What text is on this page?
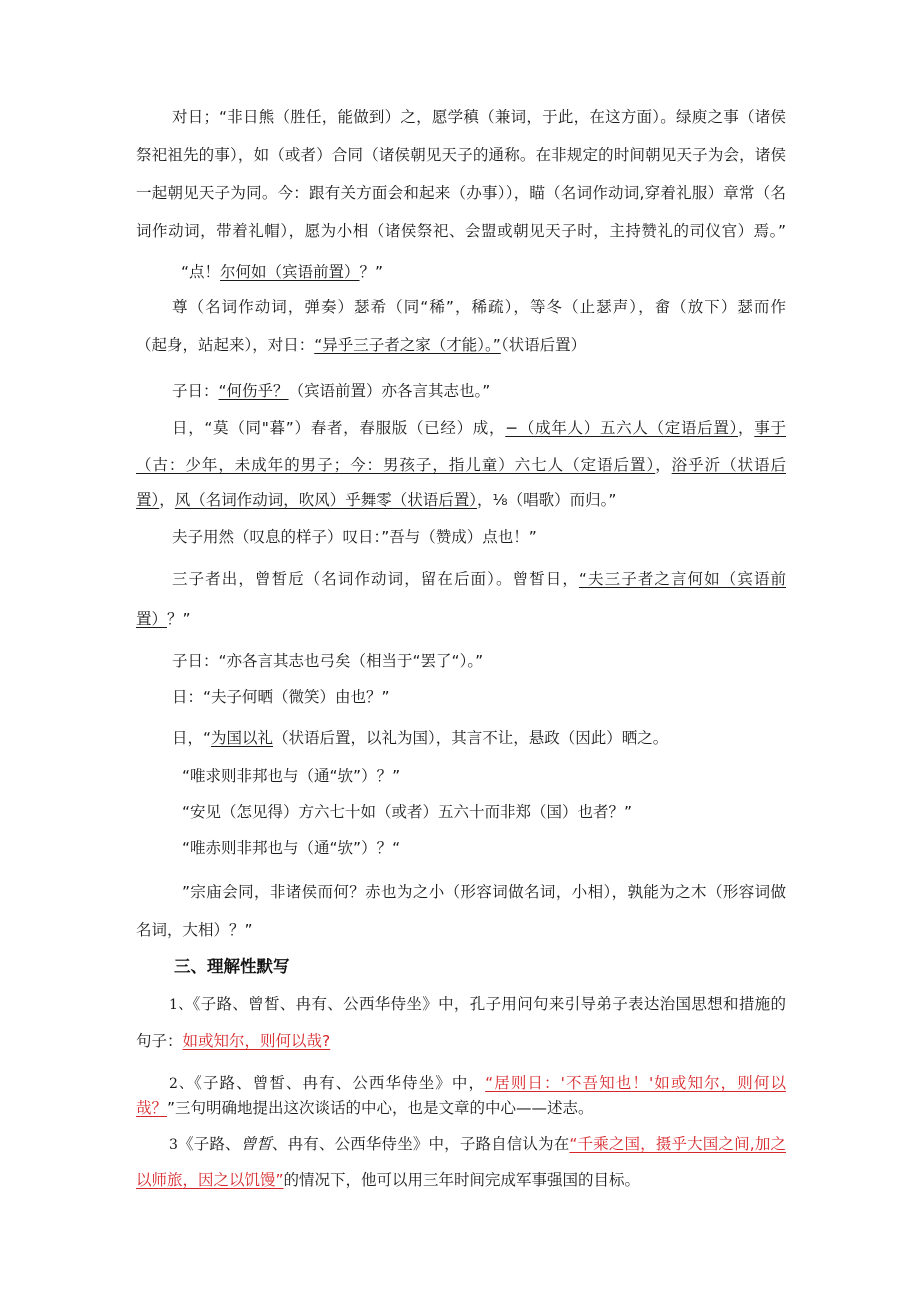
对日；“非日熊（胜任，能做到）之，愿学稹（兼词，于此，在这方面）。绿庾之事（诸侯
祭祀祖先的事），如（或者）合同（诸侯朝见天子的通称。在非规定的时间朝见天子为会，诸侯
一起朝见天子为同。今：跟有关方面会和起来（办事）），瞄（名词作动词,穿着礼服）章常（名
词作动词，带着礼帽），愿为小相（诸侯祭祀、会盟或朝见天子时，主持赞礼的司仪官）焉。”
“点！尔何如（宾语前置）？”
尊（名词作动词，弹奏）瑟希（同“稀”，稀疏），等冬（止瑟声），畲（放下）瑟而作
（起身，站起来），对日：“异乎三子者之家（才能）。”（状语后置）
子日：“何伤乎？（宾语前置）亦各言其志也。”
日，“莫（同"暮”）春者，春服版（已经）成，−（成年人）五六人（定语后置），事于
（古：少年，未成年的男子；今：男孩子，指儿童）六七人（定语后置），浴乎沂（状语后
置），风（名词作动词，吹风）乎舞零（状语后置），⅛（唱歌）而归。”
夫子用然（叹息的样子）叹日：”吾与（赞成）点也！”
三子者出，曾皙卮（名词作动词，留在后面）。曾皙日，“夫三子者之言何如（宾语前
置）？”
子日：“亦各言其志也弓矣（相当于“罢了“）。”
日：“夫子何晒（微笑）由也？”
日，“为国以礼（状语后置，以礼为国），其言不让，悬政（因此）晒之。
“唯求则非邦也与（通“欤”）？”
“安见（怎见得）方六七十如（或者）五六十而非郑（国）也者？”
“唯赤则非邦也与（通“欤”）？“
”宗庙会同，非诸侯而何？赤也为之小（形容词做名词，小相），孰能为之木（形容词做
名词，大相）？”
三、理解性默写
1、《子路、曾皙、冉有、公西华侍坐》中，孔子用问句来引导弟子表达治国思想和措施的
句子：如或知尔，则何以哉?
2、《子路、曾皙、冉有、公西华侍坐》中，“居则日：'不吾知也！'如或知尔，则何以
哉？”三句明确地提出这次谈话的中心，也是文章的中心——述志。
3《子路、曾皙、冉有、公西华侍坐》中，子路自信认为在“千乘之国，摄乎大国之间,加之
以师旅，因之以饥馒”的情况下，他可以用三年时间完成军事强国的目标。
